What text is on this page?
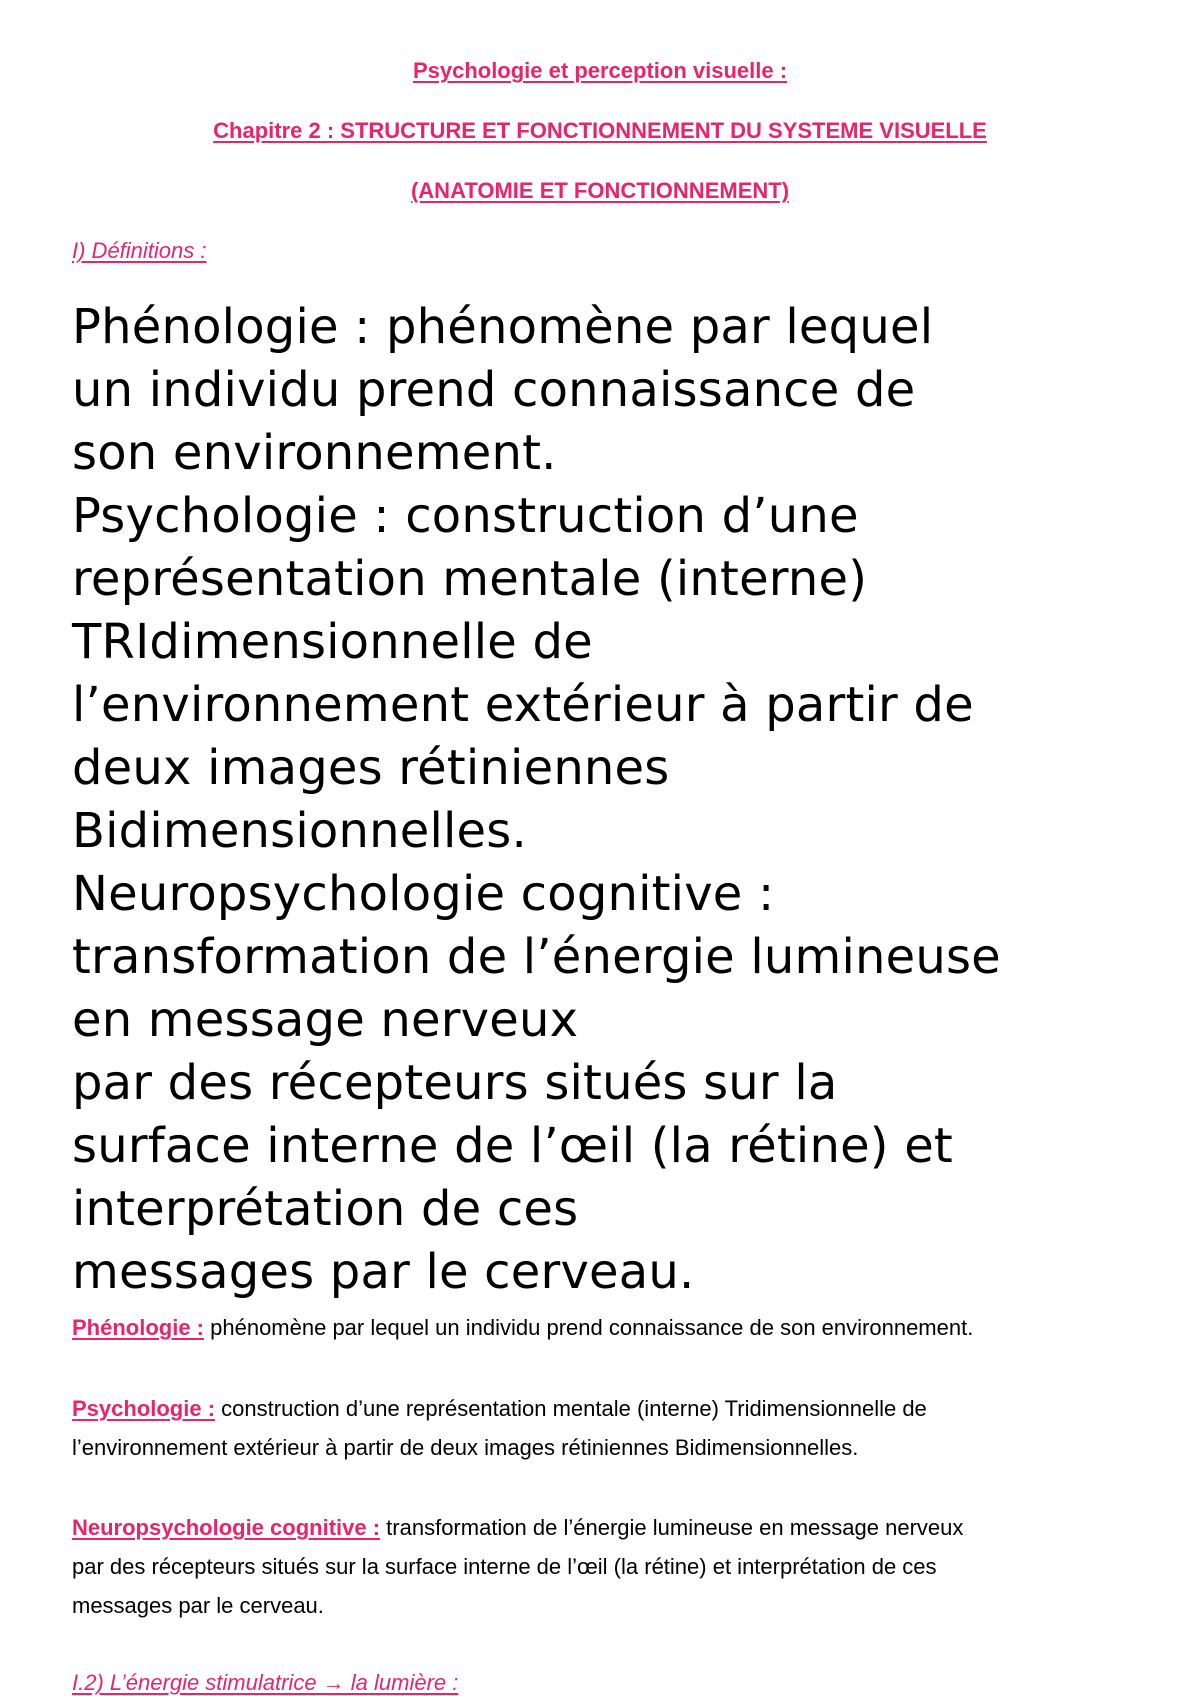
Psychologie et perception visuelle :
Chapitre 2 : STRUCTURE ET FONCTIONNEMENT DU SYSTEME VISUELLE
(ANATOMIE ET FONCTIONNEMENT)
I) Définitions :
Phénologie : phénomène par lequel
un individu prend connaissance de
son environnement.
Psychologie : construction d’une
représentation mentale (interne)
TRIdimensionnelle de
l’environnement extérieur à partir de
deux images rétiniennes
Bidimensionnelles.
Neuropsychologie cognitive :
transformation de l’énergie lumineuse
en message nerveux
par des récepteurs situés sur la
surface interne de l’œil (la rétine) et
interprétation de ces
messages par le cerveau.
Phénologie : phénomène par lequel un individu prend connaissance de son environnement.
Psychologie : construction d’une représentation mentale (interne) Tridimensionnelle de
l’environnement extérieur à partir de deux images rétiniennes Bidimensionnelles.
Neuropsychologie cognitive : transformation de l’énergie lumineuse en message nerveux
par des récepteurs situés sur la surface interne de l’œil (la rétine) et interprétation de ces
messages par le cerveau.
I.2) L’énergie stimulatrice → la lumière :
